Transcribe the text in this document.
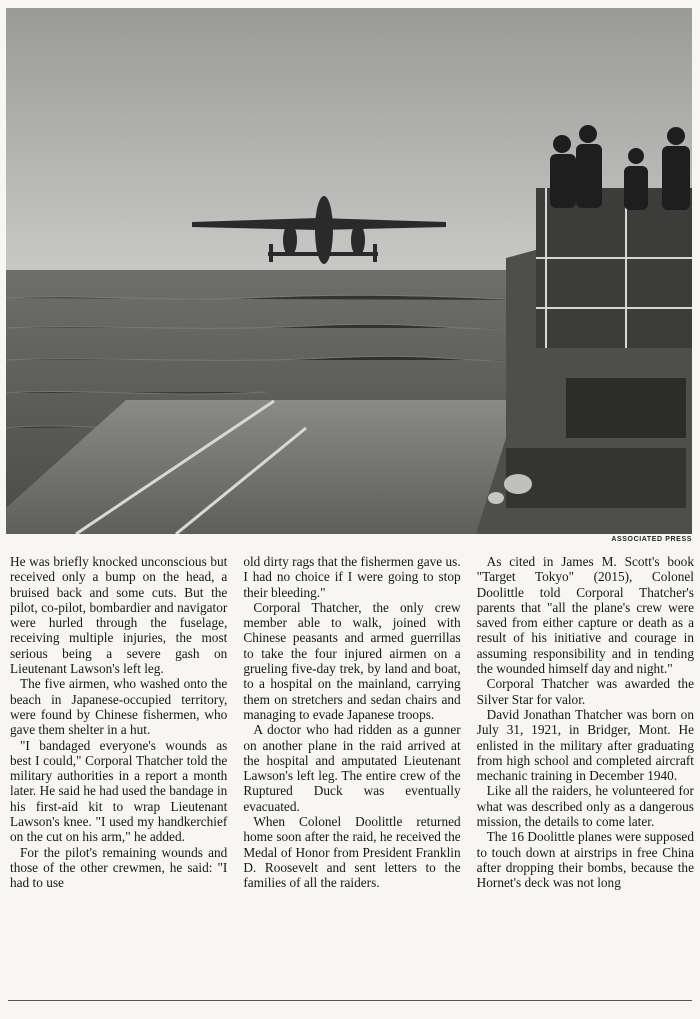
ASSOCIATED PRESS

He was briefly knocked unconscious but received only a bump on the head, a bruised back and some cuts. But the pilot, co-pilot, bombardier and navigator were hurled through the fuselage, receiving multiple injuries, the most serious being a severe gash on Lieutenant Lawson's left leg.

The five airmen, who washed onto the beach in Japanese-occupied territory, were found by Chinese fishermen, who gave them shelter in a hut.

"I bandaged everyone's wounds as best I could," Corporal Thatcher told the military authorities in a report a month later. He said he had used the bandage in his first-aid kit to wrap Lieutenant Lawson's knee. "I used my handkerchief on the cut on his arm," he added.

For the pilot's remaining wounds and those of the other crewmen, he said: "I had to use

old dirty rags that the fishermen gave us. I had no choice if I were going to stop their bleeding."

Corporal Thatcher, the only crew member able to walk, joined with Chinese peasants and armed guerrillas to take the four injured airmen on a grueling five-day trek, by land and boat, to a hospital on the mainland, carrying them on stretchers and sedan chairs and managing to evade Japanese troops.

A doctor who had ridden as a gunner on another plane in the raid arrived at the hospital and amputated Lieutenant Lawson's left leg. The entire crew of the Ruptured Duck was eventually evacuated.

When Colonel Doolittle returned home soon after the raid, he received the Medal of Honor from President Franklin D. Roosevelt and sent letters to the families of all the raiders.

As cited in James M. Scott's book "Target Tokyo" (2015), Colonel Doolittle told Corporal Thatcher's parents that "all the plane's crew were saved from either capture or death as a result of his initiative and courage in assuming responsibility and in tending the wounded himself day and night."

Corporal Thatcher was awarded the Silver Star for valor.

David Jonathan Thatcher was born on July 31, 1921, in Bridger, Mont. He enlisted in the military after graduating from high school and completed aircraft mechanic training in December 1940.

Like all the raiders, he volunteered for what was described only as a dangerous mission, the details to come later.

The 16 Doolittle planes were supposed to touch down at airstrips in free China after dropping their bombs, because the Hornet's deck was not long
